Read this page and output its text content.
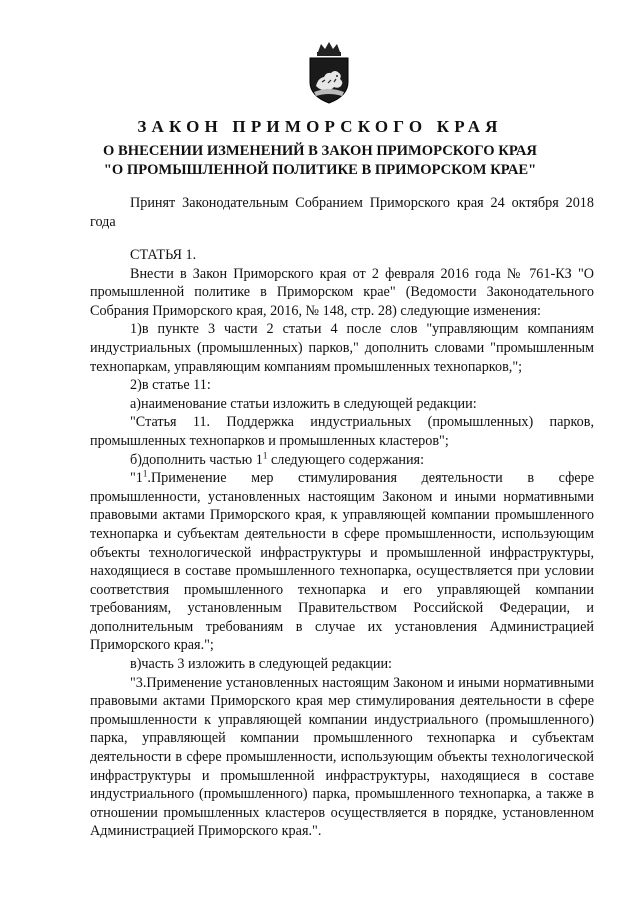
ЗАКОН ПРИМОРСКОГО КРАЯ
О ВНЕСЕНИИ ИЗМЕНЕНИЙ В ЗАКОН ПРИМОРСКОГО КРАЯ
"О ПРОМЫШЛЕННОЙ ПОЛИТИКЕ В ПРИМОРСКОМ КРАЕ"

Принят Законодательным Собранием Приморского края 24 октября 2018 года

СТАТЬЯ 1.

Внести в Закон Приморского края от 2 февраля 2016 года № 761-КЗ "О промышленной политике в Приморском крае" (Ведомости Законодательного Собрания Приморского края, 2016, № 148, стр. 28) следующие изменения:

1)в пункте 3 части 2 статьи 4 после слов "управляющим компаниям индустриальных (промышленных) парков," дополнить словами "промышленным технопаркам, управляющим компаниям промышленных технопарков,";

2)в статье 11:

а)наименование статьи изложить в следующей редакции:

"Статья 11. Поддержка индустриальных (промышленных) парков, промышленных технопарков и промышленных кластеров";

б)дополнить частью $1^1$ следующего содержания:

"$1^1.Применение$ мер стимулирования деятельности в сфере промышленности, установленных настоящим Законом и иными нормативными правовыми актами Приморского края, к управляющей компании промышленного технопарка и субъектам деятельности в сфере промышленности, использующим объекты технологической инфраструктуры и промышленной инфраструктуры, находящиеся в составе промышленного технопарка, осуществляется при условии соответствия промышленного технопарка и его управляющей компании требованиям, установленным Правительством Российской Федерации, и дополнительным требованиям в случае их установления Администрацией Приморского края.";

в)часть 3 изложить в следующей редакции:

"3.Применение установленных настоящим Законом и иными нормативными правовыми актами Приморского края мер стимулирования деятельности в сфере промышленности к управляющей компании индустриального (промышленного) парка, управляющей компании промышленного технопарка и субъектам деятельности в сфере промышленности, использующим объекты технологической инфраструктуры и промышленной инфраструктуры, находящиеся в составе индустриального (промышленного) парка, промышленного технопарка, а также в отношении промышленных кластеров осуществляется в порядке, установленном Администрацией Приморского края.".
